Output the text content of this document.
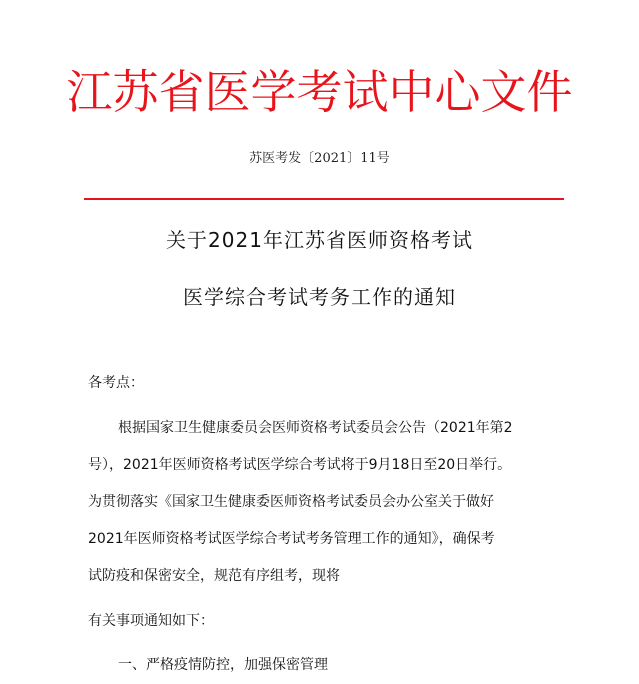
江苏省医学考试中心文件
苏医考发〔2021〕11号
关于2021年江苏省医师资格考试
医学综合考试考务工作的通知
各考点：
根据国家卫生健康委员会医师资格考试委员会公告（2021年第2
号），2021年医师资格考试医学综合考试将于9月18日至20日举行。
为贯彻落实《国家卫生健康委医师资格考试委员会办公室关于做好
2021年医师资格考试医学综合考试考务管理工作的通知》，确保考
试防疫和保密安全，规范有序组考，现将
有关事项通知如下：
一、严格疫情防控，加强保密管理
